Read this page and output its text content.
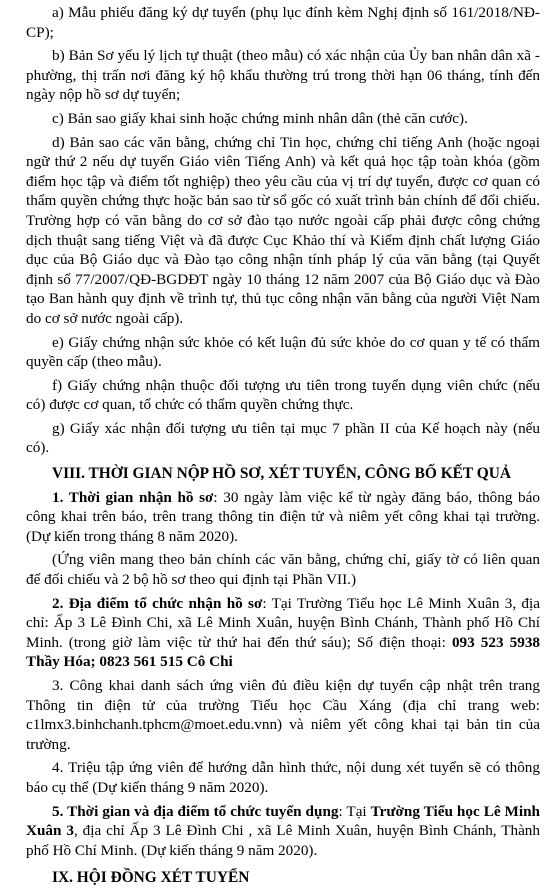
a) Mẫu phiếu đăng ký dự tuyển (phụ lục đính kèm Nghị định số 161/2018/NĐ-CP);

b) Bản Sơ yếu lý lịch tự thuật (theo mẫu) có xác nhận của Ủy ban nhân dân xã - phường, thị trấn nơi đăng ký hộ khẩu thường trú trong thời hạn 06 tháng, tính đến ngày nộp hồ sơ dự tuyển;

c) Bản sao giấy khai sinh hoặc chứng minh nhân dân (thẻ căn cước).

d) Bản sao các văn bằng, chứng chỉ Tin học, chứng chỉ tiếng Anh (hoặc ngoại ngữ thứ 2 nếu dự tuyển Giáo viên Tiếng Anh) và kết quả học tập toàn khóa (gồm điểm học tập và điểm tốt nghiệp) theo yêu cầu của vị trí dự tuyển, được cơ quan có thẩm quyền chứng thực hoặc bản sao từ sổ gốc có xuất trình bản chính để đối chiếu. Trường hợp có văn bằng do cơ sở đào tạo nước ngoài cấp phải được công chứng dịch thuật sang tiếng Việt và đã được Cục Khảo thí và Kiểm định chất lượng Giáo dục của Bộ Giáo dục và Đào tạo công nhận tính pháp lý của văn bằng (tại Quyết định số 77/2007/QĐ-BGDĐT ngày 10 tháng 12 năm 2007 của Bộ Giáo dục và Đào tạo Ban hành quy định về trình tự, thủ tục công nhận văn bằng của người Việt Nam do cơ sở nước ngoài cấp).

e) Giấy chứng nhận sức khỏe có kết luận đủ sức khỏe do cơ quan y tế có thẩm quyền cấp (theo mẫu).

f) Giấy chứng nhận thuộc đối tượng ưu tiên trong tuyển dụng viên chức (nếu có) được cơ quan, tổ chức có thẩm quyền chứng thực.

g) Giấy xác nhận đối tượng ưu tiên tại mục 7 phần II của Kế hoạch này (nếu có).

VIII. THỜI GIAN NỘP HỒ SƠ, XÉT TUYỂN, CÔNG BỐ KẾT QUẢ

1. Thời gian nhận hồ sơ: 30 ngày làm việc kể từ ngày đăng báo, thông báo công khai trên báo, trên trang thông tin điện tử và niêm yết công khai tại trường. (Dự kiến trong tháng 8 năm 2020).

(Ứng viên mang theo bản chính các văn bằng, chứng chỉ, giấy tờ có liên quan để đối chiếu và 2 bộ hồ sơ theo qui định tại Phần VII.)

2. Địa điểm tổ chức nhận hồ sơ: Tại Trường Tiểu học Lê Minh Xuân 3, địa chỉ: Ấp 3 Lê Đình Chi, xã Lê Minh Xuân, huyện Bình Chánh, Thành phố Hồ Chí Minh. (trong giờ làm việc từ thứ hai đến thứ sáu); Số điện thoại: 093 523 5938 Thầy Hóa; 0823 561 515 Cô Chi

3. Công khai danh sách ứng viên đủ điều kiện dự tuyển cập nhật trên trang Thông tin điện tử của trường Tiểu học Cầu Xáng (địa chỉ trang web: c1lmx3.binhchanh.tphcm@moet.edu.vnn) và niêm yết công khai tại bản tin của trường.

4. Triệu tập ứng viên để hướng dẫn hình thức, nội dung xét tuyển sẽ có thông báo cụ thể (Dự kiến tháng 9 năm 2020).

5. Thời gian và địa điểm tổ chức tuyển dụng: Tại Trường Tiểu học Lê Minh Xuân 3, địa chỉ Ấp 3 Lê Đình Chi , xã Lê Minh Xuân, huyện Bình Chánh, Thành phố Hồ Chí Minh. (Dự kiến tháng 9 năm 2020).

IX. HỘI ĐỒNG XÉT TUYỂN
